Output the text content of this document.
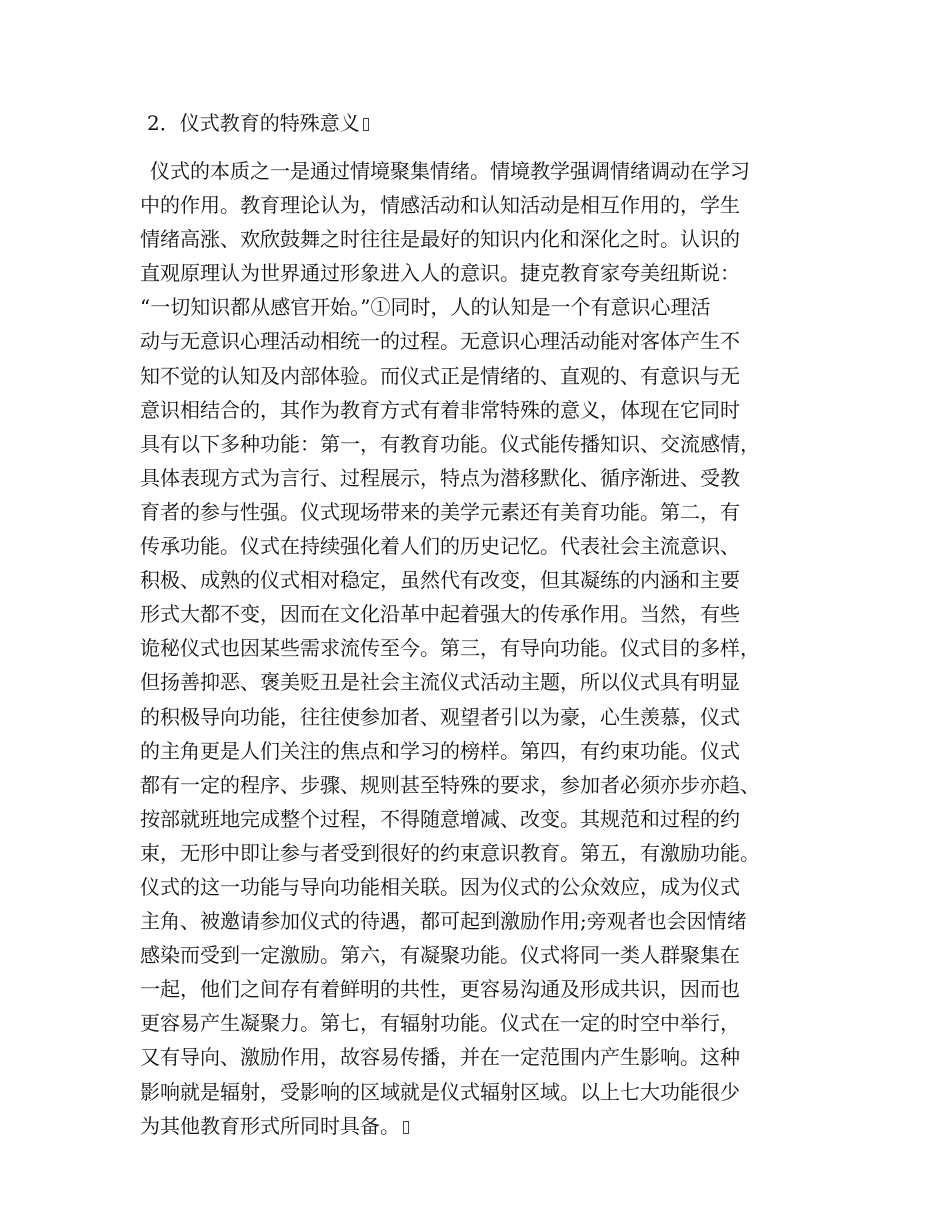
2．仪式教育的特殊意义
仪式的本质之一是通过情境聚集情绪。情境教学强调情绪调动在学习
中的作用。教育理论认为，情感活动和认知活动是相互作用的，学生
情绪高涨、欢欣鼓舞之时往往是最好的知识内化和深化之时。认识的
直观原理认为世界通过形象进入人的意识。捷克教育家夸美纽斯说：
“一切知识都从感官开始。”①同时，人的认知是一个有意识心理活
动与无意识心理活动相统一的过程。无意识心理活动能对客体产生不
知不觉的认知及内部体验。而仪式正是情绪的、直观的、有意识与无
意识相结合的，其作为教育方式有着非常特殊的意义，体现在它同时
具有以下多种功能：第一，有教育功能。仪式能传播知识、交流感情，
具体表现方式为言行、过程展示，特点为潜移默化、循序渐进、受教
育者的参与性强。仪式现场带来的美学元素还有美育功能。第二，有
传承功能。仪式在持续强化着人们的历史记忆。代表社会主流意识、
积极、成熟的仪式相对稳定，虽然代有改变，但其凝练的内涵和主要
形式大都不变，因而在文化沿革中起着强大的传承作用。当然，有些
诡秘仪式也因某些需求流传至今。第三，有导向功能。仪式目的多样，
但扬善抑恶、褒美贬丑是社会主流仪式活动主题，所以仪式具有明显
的积极导向功能，往往使参加者、观望者引以为豪，心生羡慕，仪式
的主角更是人们关注的焦点和学习的榜样。第四，有约束功能。仪式
都有一定的程序、步骤、规则甚至特殊的要求，参加者必须亦步亦趋、
按部就班地完成整个过程，不得随意增减、改变。其规范和过程的约
束，无形中即让参与者受到很好的约束意识教育。第五，有激励功能。
仪式的这一功能与导向功能相关联。因为仪式的公众效应，成为仪式
主角、被邀请参加仪式的待遇，都可起到激励作用;旁观者也会因情绪
感染而受到一定激励。第六，有凝聚功能。仪式将同一类人群聚集在
一起，他们之间存有着鲜明的共性，更容易沟通及形成共识，因而也
更容易产生凝聚力。第七，有辐射功能。仪式在一定的时空中举行，
又有导向、激励作用，故容易传播，并在一定范围内产生影响。这种
影响就是辐射，受影响的区域就是仪式辐射区域。以上七大功能很少
为其他教育形式所同时具备。
